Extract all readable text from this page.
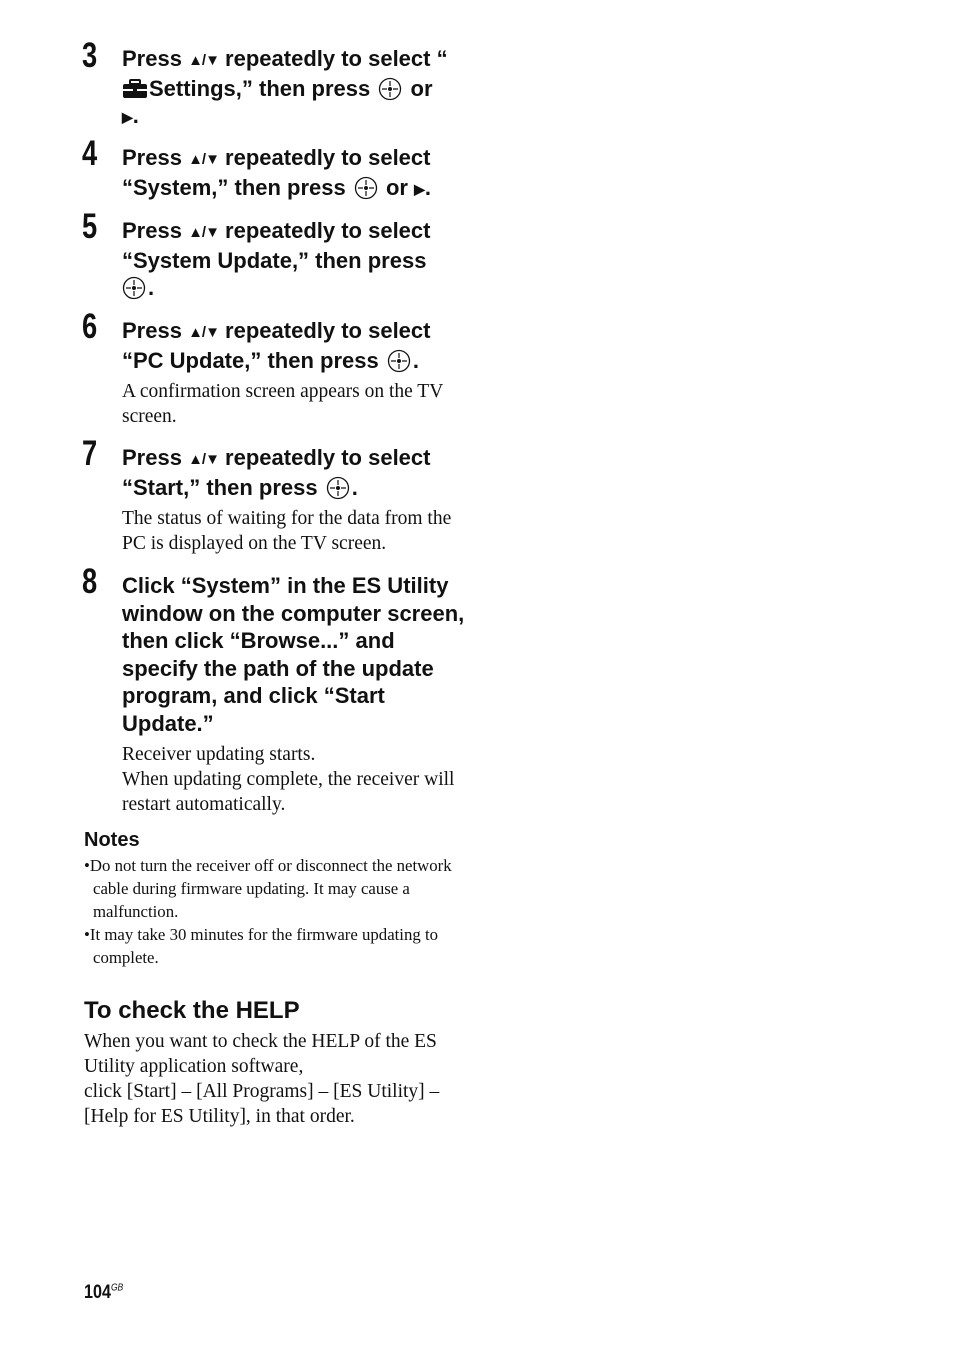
3 Press ▲/▼ repeatedly to select “Settings,” then press  or
▶.

4 Press ▲/▼ repeatedly to select “System,” then press  or ▶.

5 Press ▲/▼ repeatedly to select “System Update,” then press
.

6 Press ▲/▼ repeatedly to select “PC Update,” then press .

A confirmation screen appears on the TV screen.

7 Press ▲/▼ repeatedly to select “Start,” then press .

The status of waiting for the data from the PC is displayed on the TV screen.

8 Click “System” in the ES Utility window on the computer screen, then click “Browse...” and specify the path of the update program, and click “Start Update.”

Receiver updating starts.
When updating complete, the receiver will restart automatically.

Notes
•Do not turn the receiver off or disconnect the network cable during firmware updating. It may cause a malfunction.
•It may take 30 minutes for the firmware updating to complete.
To check the HELP

When you want to check the HELP of the ES Utility application software,

click [Start] – [All Programs] – [ES Utility] – [Help for ES Utility], in that order.

$104^{GB}$
